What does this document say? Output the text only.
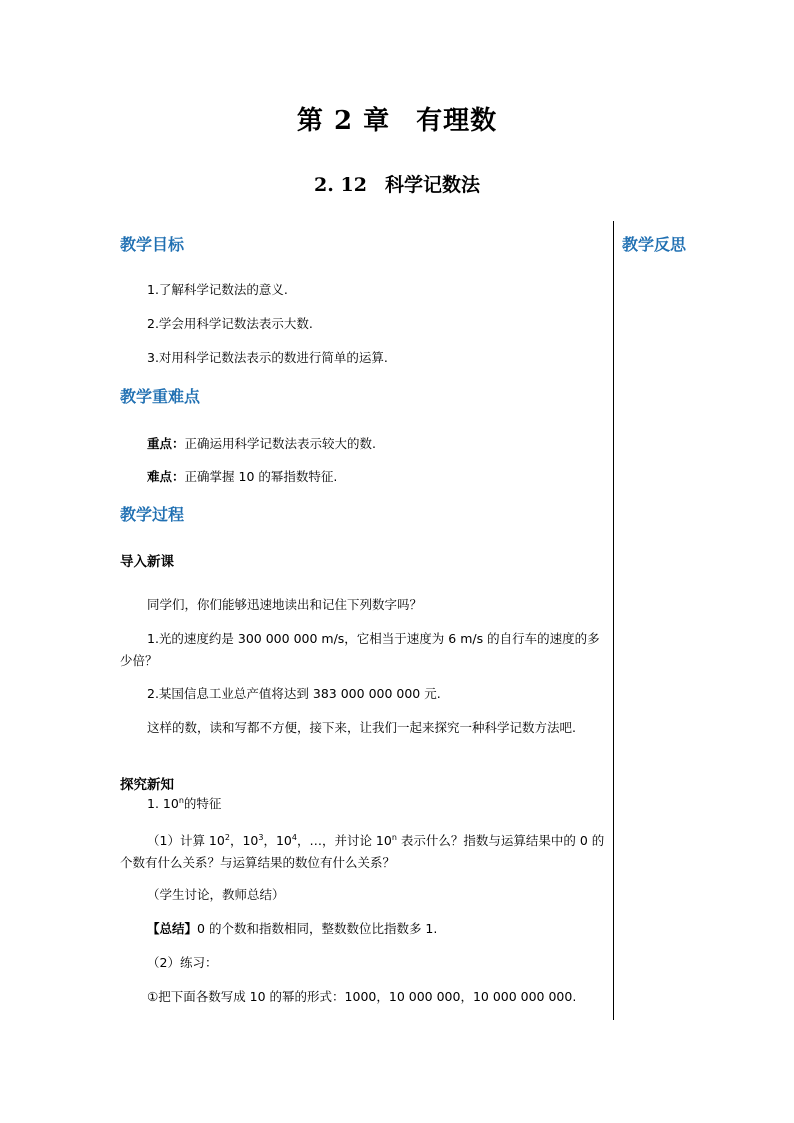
第 2 章 有理数
2. 12 科学记数法
教学反思
教学目标
1.了解科学记数法的意义.
2.学会用科学记数法表示大数.
3.对用科学记数法表示的数进行简单的运算.
教学重难点
重点：正确运用科学记数法表示较大的数.
难点：正确掌握 10 的幂指数特征.
教学过程
导入新课
同学们，你们能够迅速地读出和记住下列数字吗？
1.光的速度约是 300 000 000 m/s，它相当于速度为 6 m/s 的自行车的速度的多少倍？
2.某国信息工业总产值将达到 383 000 000 000 元.
这样的数，读和写都不方便，接下来，让我们一起来探究一种科学记数方法吧.
探究新知
1. 10$^n$的特征
（1）计算 $10^2$，$10^3$，$10^4$，…，并讨论 10$^n$ 表示什么？指数与运算结果中的 0 的个数有什么关系？与运算结果的数位有什么关系？
（学生讨论，教师总结）
【总结】0 的个数和指数相同，整数数位比指数多 1.
（2）练习：
①把下面各数写成 10 的幂的形式：1000，10 000 000，10 000 000 000.
